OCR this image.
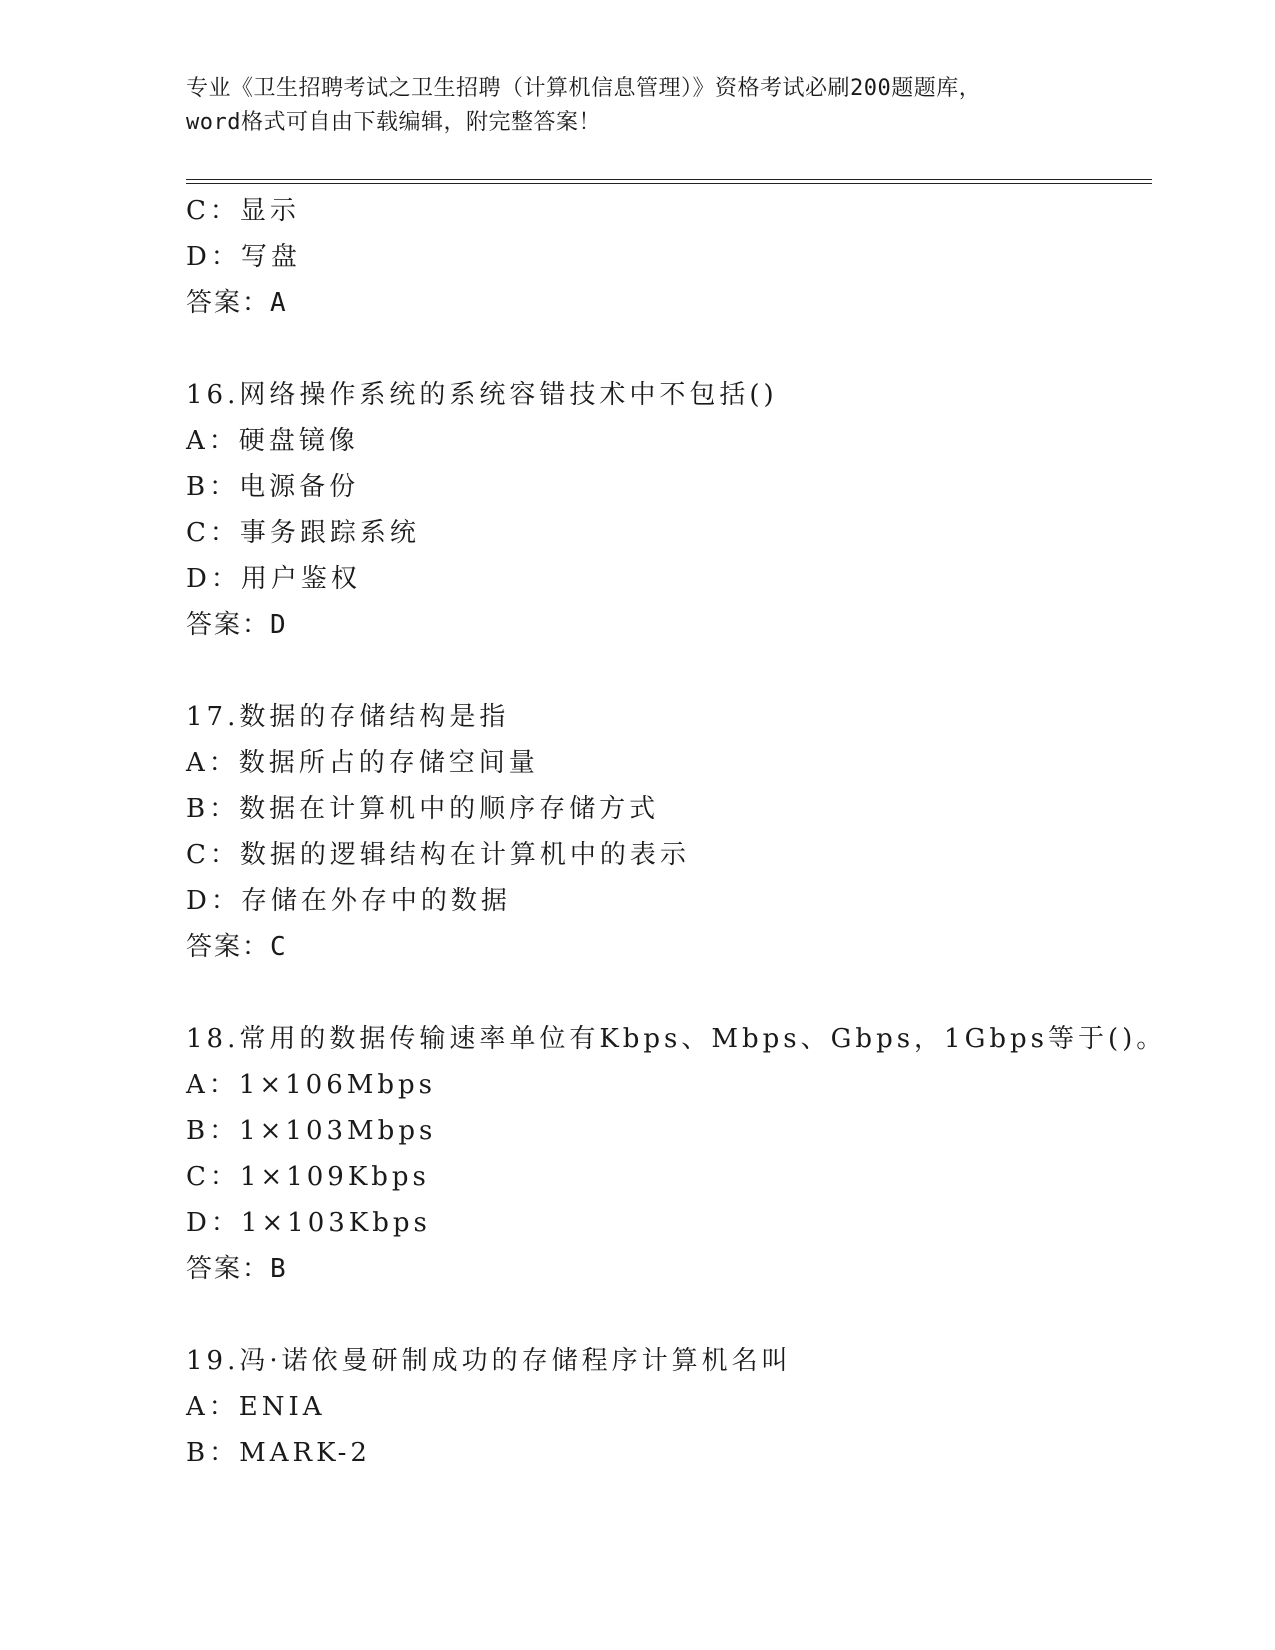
专业《卫生招聘考试之卫生招聘（计算机信息管理）》资格考试必刷200题题库，
word格式可自由下载编辑，附完整答案！
C：显示
D：写盘
答案：A
16.网络操作系统的系统容错技术中不包括()
A：硬盘镜像
B：电源备份
C：事务跟踪系统
D：用户鉴权
答案：D
17.数据的存储结构是指
A：数据所占的存储空间量
B：数据在计算机中的顺序存储方式
C：数据的逻辑结构在计算机中的表示
D：存储在外存中的数据
答案：C
18.常用的数据传输速率单位有Kbps、Mbps、Gbps，1Gbps等于()。
A：1×106Mbps
B：1×103Mbps
C：1×109Kbps
D：1×103Kbps
答案：B
19.冯·诺依曼研制成功的存储程序计算机名叫
A：ENIA
B：MARK-2
